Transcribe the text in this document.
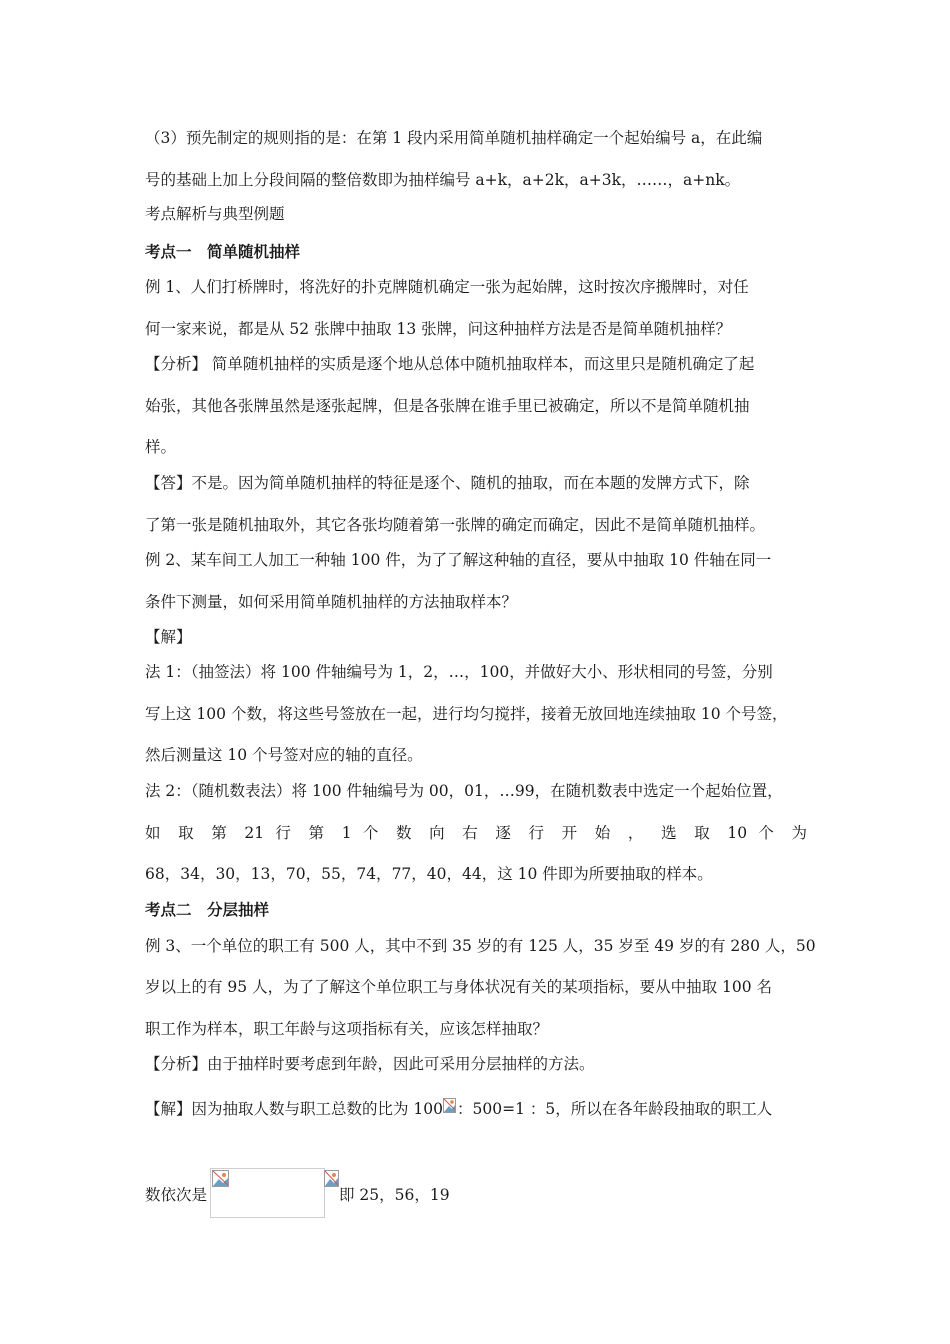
（3）预先制定的规则指的是：在第 1 段内采用简单随机抽样确定一个起始编号 a，在此编
号的基础上加上分段间隔的整倍数即为抽样编号 a+k，a+2k，a+3k，……，a+nk。
考点解析与典型例题
考点一　简单随机抽样
例 1、人们打桥牌时，将洗好的扑克牌随机确定一张为起始牌，这时按次序搬牌时，对任
何一家来说，都是从 52 张牌中抽取 13 张牌，问这种抽样方法是否是简单随机抽样？
【分析】 简单随机抽样的实质是逐个地从总体中随机抽取样本，而这里只是随机确定了起
始张，其他各张牌虽然是逐张起牌，但是各张牌在谁手里已被确定，所以不是简单随机抽
样。
【答】不是。因为简单随机抽样的特征是逐个、随机的抽取，而在本题的发牌方式下，除
了第一张是随机抽取外，其它各张均随着第一张牌的确定而确定，因此不是简单随机抽样。
例 2、某车间工人加工一种轴 100 件，为了了解这种轴的直径，要从中抽取 10 件轴在同一
条件下测量，如何采用简单随机抽样的方法抽取样本？
【解】
法 1：（抽签法）将 100 件轴编号为 1，2，…，100，并做好大小、形状相同的号签，分别
写上这 100 个数，将这些号签放在一起，进行均匀搅拌，接着无放回地连续抽取 10 个号签，
然后测量这 10 个号签对应的轴的直径。
法 2：（随机数表法）将 100 件轴编号为 00，01，…99，在随机数表中选定一个起始位置，
如 取 第 21 行 第 1 个 数 向 右 逐 行 开 始 ， 选 取 10 个 为
68，34，30，13，70，55，74，77，40，44，这 10 件即为所要抽取的样本。
考点二　分层抽样
例 3、一个单位的职工有 500 人，其中不到 35 岁的有 125 人，35 岁至 49 岁的有 280 人，50
岁以上的有 95 人，为了了解这个单位职工与身体状况有关的某项指标，要从中抽取 100 名
职工作为样本，职工年龄与这项指标有关，应该怎样抽取？
【分析】由于抽样时要考虑到年龄，因此可采用分层抽样的方法。
【解】因为抽取人数与职工总数的比为 100 ：500=1 ：5，所以在各年龄段抽取的职工人
数依次是	即 25，56，19
